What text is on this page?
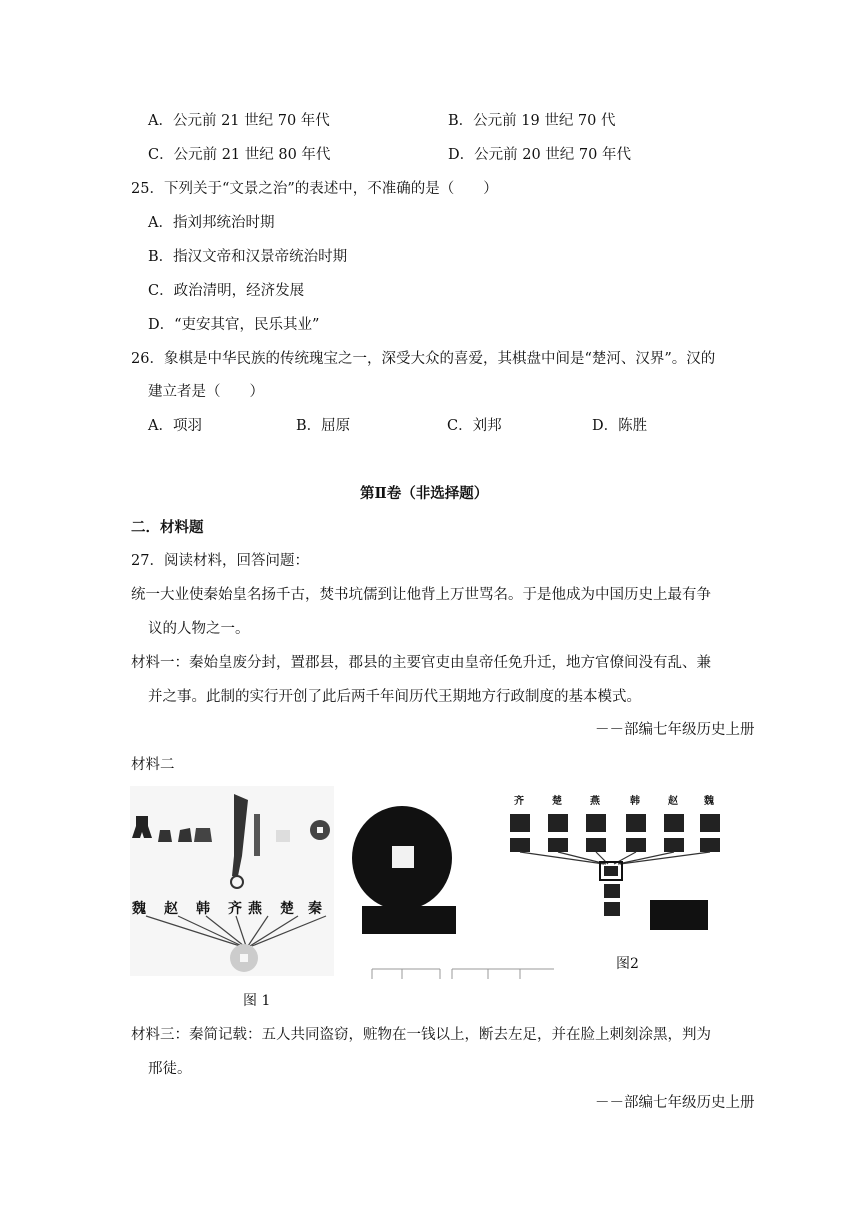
A．公元前 21 世纪 70 年代	B．公元前 19 世纪 70 代
C．公元前 21 世纪 80 年代	D．公元前 20 世纪 70 年代
25．下列关于“文景之治”的表述中，不准确的是（　　）
A．指刘邦统治时期
B．指汉文帝和汉景帝统治时期
C．政治清明，经济发展
D．“吏安其官，民乐其业”
26．象棋是中华民族的传统瑰宝之一，深受大众的喜爱，其棋盘中间是“楚河、汉界”。汉的
建立者是（　　）
A．项羽	B．屈原	C．刘邦	D．陈胜
第Ⅱ卷（非选择题）
二．材料题
27．阅读材料，回答问题：
统一大业使秦始皇名扬千古，焚书坑儒到让他背上万世骂名。于是他成为中国历史上最有争
议的人物之一。
材料一：秦始皇废分封，置郡县，郡县的主要官吏由皇帝任免升迁，地方官僚间没有乱、兼
并之事。此制的实行开创了此后两千年间历代王期地方行政制度的基本模式。
－－部编七年级历史上册
材料二
魏 赵 韩 齐 燕 楚 秦
图 1
齐	楚	燕	韩	赵	魏
图2
材料三：秦简记载：五人共同盗窃，赃物在一钱以上，断去左足，并在脸上刺刻涂黑，判为
邢徒。
－－部编七年级历史上册
